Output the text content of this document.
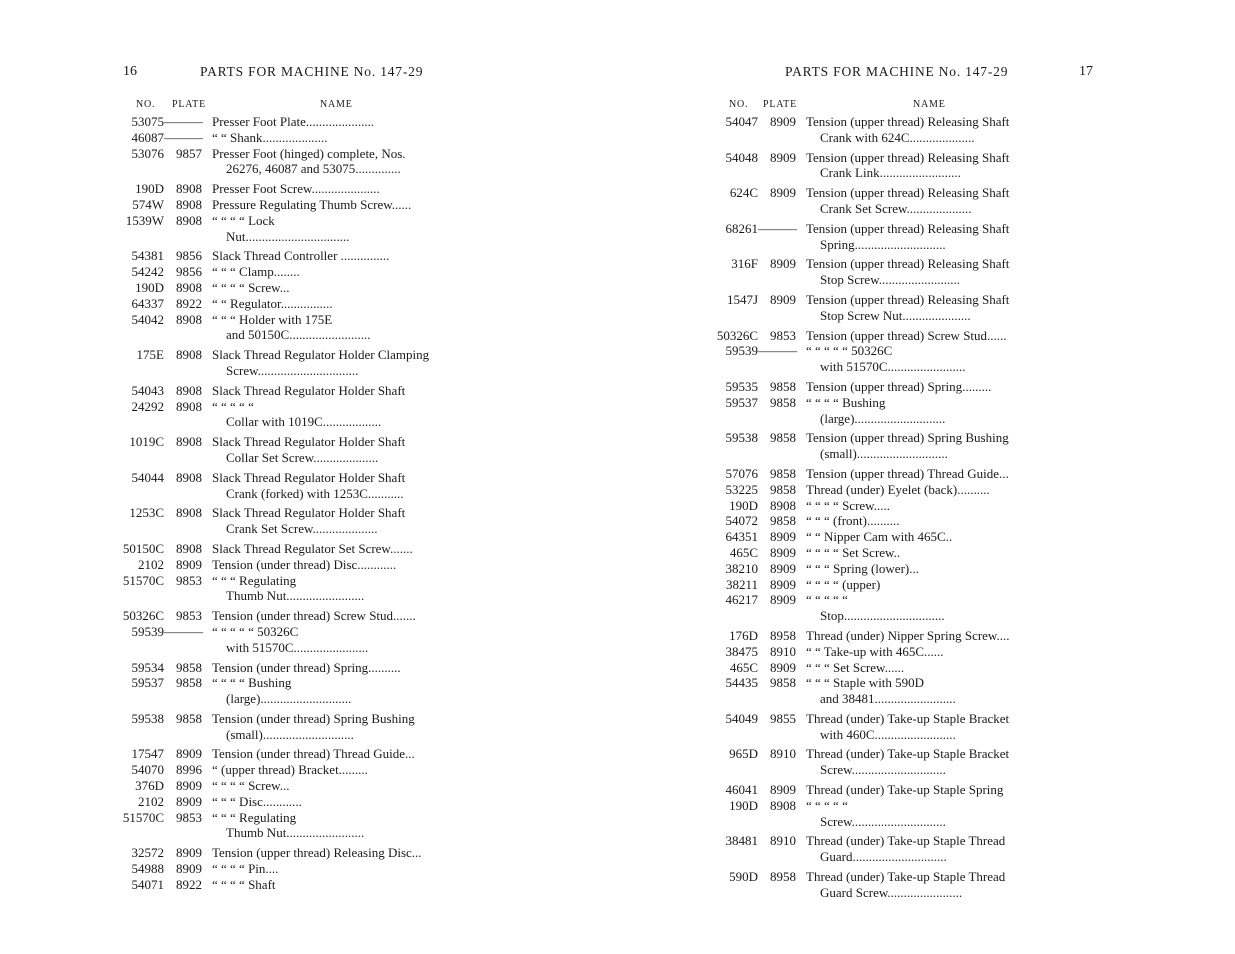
16	PARTS FOR MACHINE No. 147-29
NO. PLATE	NAME
53075 ——— Presser Foot Plate.....................
46087 ——— “ “ Shank....................
53076 9857 Presser Foot (hinged) complete, Nos.
26276, 46087 and 53075..............
190D 8908 Presser Foot Screw.....................
574W 8908 Pressure Regulating Thumb Screw......
1539W 8908 “ “ “ “ Lock
Nut................................
54381 9856 Slack Thread Controller ...............
54242 9856 “ “ “ Clamp........
190D 8908 “ “ “ “ Screw...
64337 8922 “ “ Regulator................
54042 8908 “ “ “ Holder with 175E
and 50150C.........................
175E 8908 Slack Thread Regulator Holder Clamping
Screw...............................
54043 8908 Slack Thread Regulator Holder Shaft
24292 8908 “ “ “ “ “
Collar with 1019C..................
1019C 8908 Slack Thread Regulator Holder Shaft
Collar Set Screw....................
54044 8908 Slack Thread Regulator Holder Shaft
Crank (forked) with 1253C...........
1253C 8908 Slack Thread Regulator Holder Shaft
Crank Set Screw....................
50150C 8908 Slack Thread Regulator Set Screw.......
2102 8909 Tension (under thread) Disc............
51570C 9853 “ “ “ Regulating
Thumb Nut........................
50326C 9853 Tension (under thread) Screw Stud.......
59539 ——— “ “ “ “ “ 50326C
with 51570C.......................
59534 9858 Tension (under thread) Spring..........
59537 9858 “ “ “ “ Bushing
(large)............................
59538 9858 Tension (under thread) Spring Bushing
(small)............................
17547 8909 Tension (under thread) Thread Guide...
54070 8996 “ (upper thread) Bracket.........
376D 8909 “ “ “ “ Screw...
2102 8909 “ “ “ Disc............
51570C 9853 “ “ “ Regulating
Thumb Nut........................
32572 8909 Tension (upper thread) Releasing Disc...
54988 8909 “ “ “ “ Pin....
54071 8922 “ “ “ “ Shaft
PARTS FOR MACHINE No. 147-29	17
NO. PLATE	NAME
54047 8909 Tension (upper thread) Releasing Shaft
Crank with 624C....................
54048 8909 Tension (upper thread) Releasing Shaft
Crank Link.........................
624C 8909 Tension (upper thread) Releasing Shaft
Crank Set Screw....................
68261 ——— Tension (upper thread) Releasing Shaft
Spring............................
316F 8909 Tension (upper thread) Releasing Shaft
Stop Screw.........................
1547J 8909 Tension (upper thread) Releasing Shaft
Stop Screw Nut.....................
50326C 9853 Tension (upper thread) Screw Stud......
59539 ——— “ “ “ “ “ 50326C
with 51570C........................
59535 9858 Tension (upper thread) Spring.........
59537 9858 “ “ “ “ Bushing
(large)............................
59538 9858 Tension (upper thread) Spring Bushing
(small)............................
57076 9858 Tension (upper thread) Thread Guide...
53225 9858 Thread (under) Eyelet (back)..........
190D 8908 “ “ “ “ Screw.....
54072 9858 “ “ “ (front)..........
64351 8909 “ “ Nipper Cam with 465C..
465C 8909 “ “ “ “ Set Screw..
38210 8909 “ “ “ Spring (lower)...
38211 8909 “ “ “ “ (upper)
46217 8909 “ “ “ “ “
Stop...............................
176D 8958 Thread (under) Nipper Spring Screw....
38475 8910 “ “ Take-up with 465C......
465C 8909 “ “ “ Set Screw......
54435 9858 “ “ “ Staple with 590D
and 38481.........................
54049 9855 Thread (under) Take-up Staple Bracket
with 460C.........................
965D 8910 Thread (under) Take-up Staple Bracket
Screw.............................
46041 8909 Thread (under) Take-up Staple Spring
190D 8908 “ “ “ “ “
Screw.............................
38481 8910 Thread (under) Take-up Staple Thread
Guard.............................
590D 8958 Thread (under) Take-up Staple Thread
Guard Screw.......................
